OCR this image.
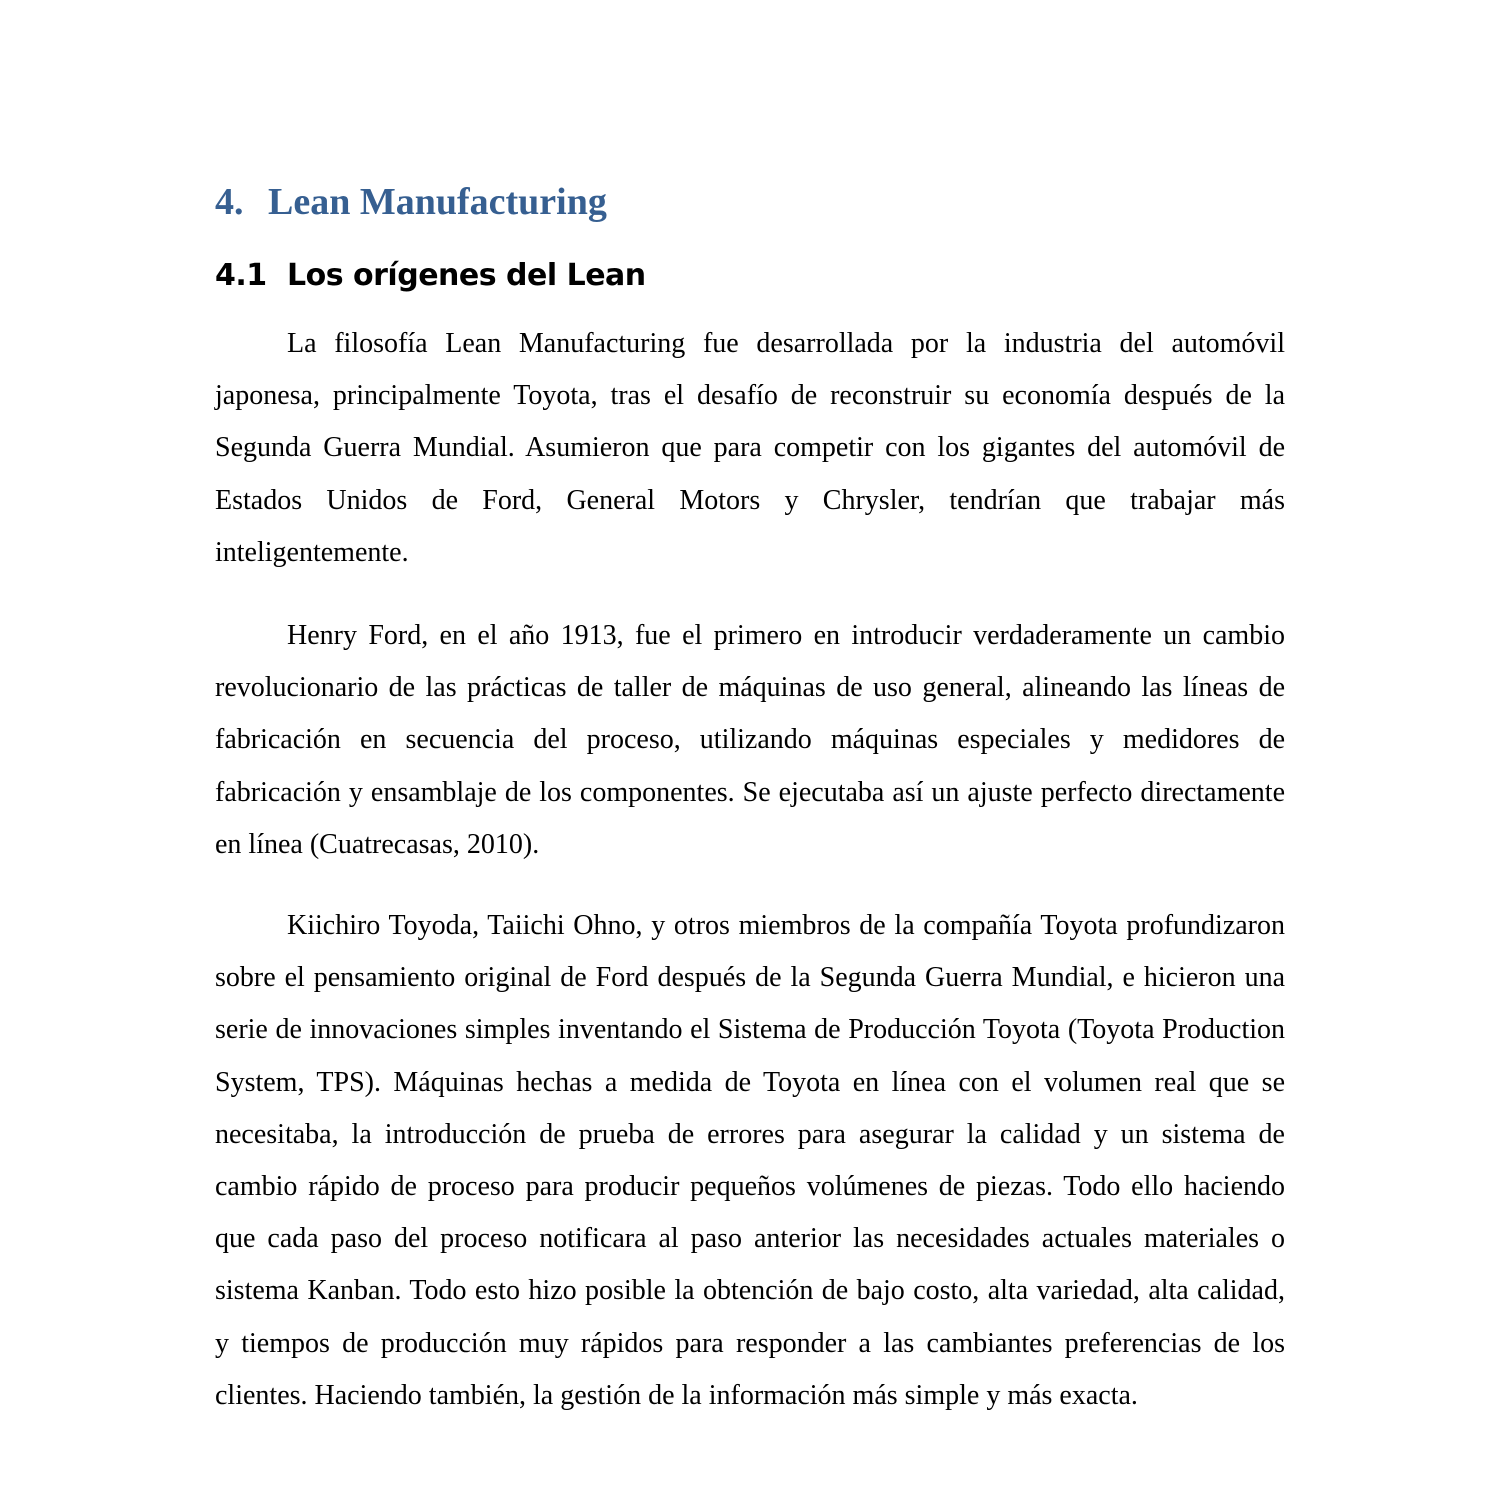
4. Lean Manufacturing
4.1 Los orígenes del Lean

La filosofía Lean Manufacturing fue desarrollada por la industria del automóvil japonesa, principalmente Toyota, tras el desafío de reconstruir su economía después de la Segunda Guerra Mundial. Asumieron que para competir con los gigantes del automóvil de Estados Unidos de Ford, General Motors y Chrysler, tendrían que trabajar más inteligentemente.

Henry Ford, en el año 1913, fue el primero en introducir verdaderamente un cambio revolucionario de las prácticas de taller de máquinas de uso general, alineando las líneas de fabricación en secuencia del proceso, utilizando máquinas especiales y medidores de fabricación y ensamblaje de los componentes. Se ejecutaba así un ajuste perfecto directamente en línea (Cuatrecasas, 2010).

Kiichiro Toyoda, Taiichi Ohno, y otros miembros de la compañía Toyota profundizaron sobre el pensamiento original de Ford después de la Segunda Guerra Mundial, e hicieron una serie de innovaciones simples inventando el Sistema de Producción Toyota (Toyota Production System, TPS). Máquinas hechas a medida de Toyota en línea con el volumen real que se necesitaba, la introducción de prueba de errores para asegurar la calidad y un sistema de cambio rápido de proceso para producir pequeños volúmenes de piezas. Todo ello haciendo que cada paso del proceso notificara al paso anterior las necesidades actuales materiales o sistema Kanban. Todo esto hizo posible la obtención de bajo costo, alta variedad, alta calidad, y tiempos de producción muy rápidos para responder a las cambiantes preferencias de los clientes. Haciendo también, la gestión de la información más simple y más exacta.
